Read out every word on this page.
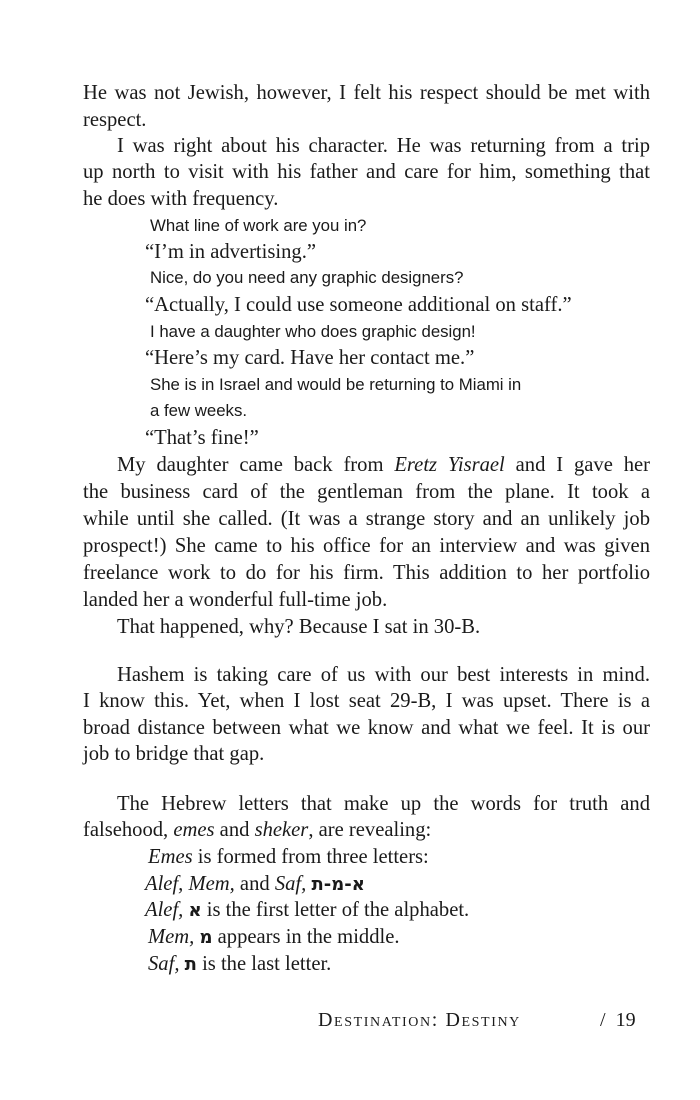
He was not Jewish, however, I felt his respect should be met with
respect.
I was right about his character. He was returning from a trip
up north to visit with his father and care for him, something that
he does with frequency.
What line of work are you in?
“I’m in advertising.”
Nice, do you need any graphic designers?
“Actually, I could use someone additional on staff.”
I have a daughter who does graphic design!
“Here’s my card. Have her contact me.”
She is in Israel and would be returning to Miami in
a few weeks.
“That’s fine!”
My daughter came back from Eretz Yisrael and I gave her
the business card of the gentleman from the plane. It took a
while until she called. (It was a strange story and an unlikely job
prospect!) She came to his office for an interview and was given
freelance work to do for his firm. This addition to her portfolio
landed her a wonderful full-time job.
That happened, why? Because I sat in 30-B.
Hashem is taking care of us with our best interests in mind.
I know this. Yet, when I lost seat 29-B, I was upset. There is a
broad distance between what we know and what we feel. It is our
job to bridge that gap.
The Hebrew letters that make up the words for truth and
falsehood, emes and sheker, are revealing:
Emes is formed from three letters:
Alef, Mem, and Saf, א-מ-ת
Alef, א is the first letter of the alphabet.
Mem, מ appears in the middle.
Saf, ת is the last letter.
Destination: Destiny	/ 19
